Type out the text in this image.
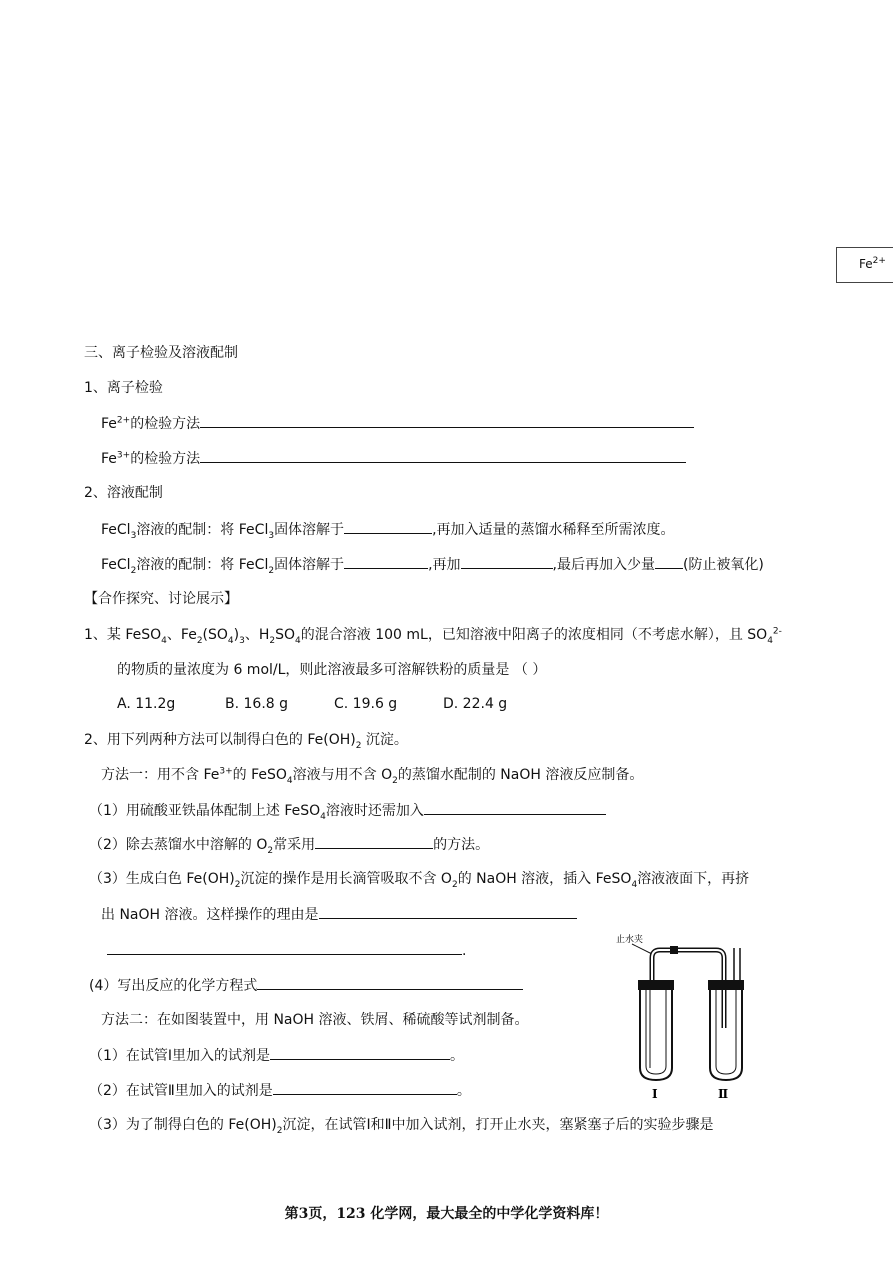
$Fe^{2+}$
三、离子检验及溶液配制
1、离子检验
$Fe^{2+}$的检验方法
$Fe^{3+}$的检验方法
2、溶液配制
FeCl$_3$溶液的配制：将 FeCl$_3$固体溶解于	,再加入适量的蒸馏水稀释至所需浓度。
FeCl$_2$溶液的配制：将 FeCl$_2$固体溶解于	,再加	,最后再加入少量 (防止被氧化)
【合作探究、讨论展示】
1、某 FeSO$_4$、$Fe_2(SO_4)_3$、$H_2SO_4$的混合溶液 100 mL，已知溶液中阳离子的浓度相同（不考虑水解），且 $SO_4^{2-}$
的物质的量浓度为 6 mol/L，则此溶液最多可溶解铁粉的质量是 （ ）
A. 11.2g	B. 16.8 g	C. 19.6 g	D. 22.4 g
2、用下列两种方法可以制得白色的 $Fe(OH)_2$ 沉淀。
方法一：用不含 $Fe^{3+}$的 FeSO$_4$溶液与用不含 $O_2$的蒸馏水配制的 NaOH 溶液反应制备。
（1）用硫酸亚铁晶体配制上述 FeSO$_4$溶液时还需加入
（2）除去蒸馏水中溶解的 $O_2$常采用	的方法。
（3）生成白色 $Fe(OH)_2$沉淀的操作是用长滴管吸取不含 $O_2$的 NaOH 溶液，插入 FeSO$_4$溶液液面下，再挤
出 NaOH 溶液。这样操作的理由是
.
(4）写出反应的化学方程式
方法二：在如图装置中，用 NaOH 溶液、铁屑、稀硫酸等试剂制备。
（1）在试管Ⅰ里加入的试剂是	。
（2）在试管Ⅱ里加入的试剂是	。
（3）为了制得白色的 $Fe(OH)_2$沉淀，在试管Ⅰ和Ⅱ中加入试剂，打开止水夹，塞紧塞子后的实验步骤是
止水夹
Ⅰ	Ⅱ
第3页，123 化学网，最大最全的中学化学资料库！
